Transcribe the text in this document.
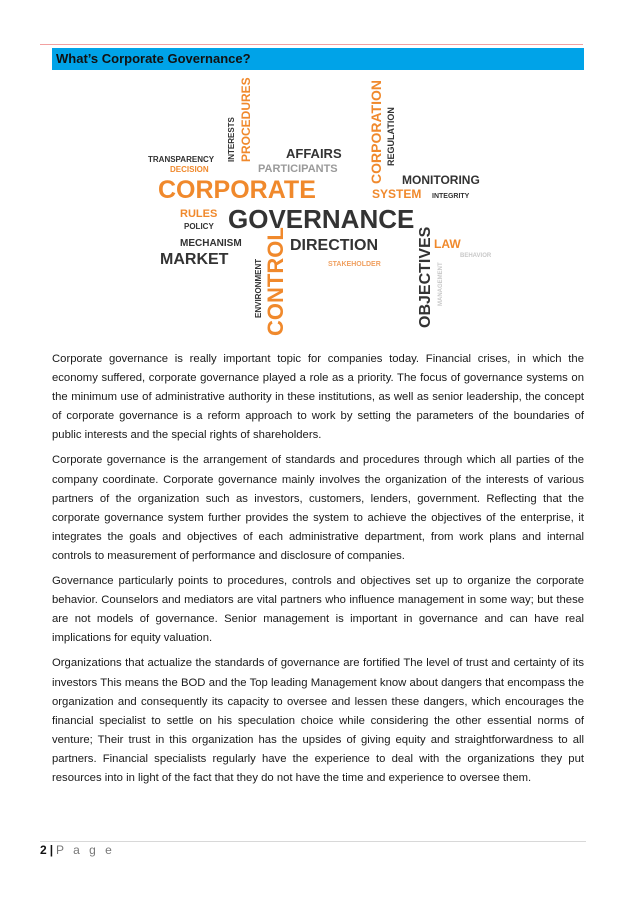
What’s Corporate Governance?
PROCEDURES
INTERESTS	CORPORATION REGULATION
ENVIRONMENT CONTROL	OBJECTIVES MANAGEMENT
TRANSPARENCY
DECISION
AFFAIRS
PARTICIPANTS
MONITORING
CORPORATE	SYSTEM INTEGRITY
RULES
POLICY GOVERNANCE
MECHANISM	DIRECTION	LAW
BEHAVIOR
MARKET	STAKEHOLDER

Corporate governance is really important topic for companies today. Financial crises, in which the economy suffered, corporate governance played a role as a priority. The focus of governance systems on the minimum use of administrative authority in these institutions, as well as senior leadership, the concept of corporate governance is a reform approach to work by setting the parameters of the boundaries of public interests and the special rights of shareholders.

Corporate governance is the arrangement of standards and procedures through which all parties of the company coordinate. Corporate governance mainly involves the organization of the interests of various partners of the organization such as investors, customers, lenders, government. Reflecting that the corporate governance system further provides the system to achieve the objectives of the enterprise, it integrates the goals and objectives of each administrative department, from work plans and internal controls to measurement of performance and disclosure of companies.

Governance particularly points to procedures, controls and objectives set up to organize the corporate behavior. Counselors and mediators are vital partners who influence management in some way; but these are not models of governance. Senior management is important in governance and can have real implications for equity valuation.

Organizations that actualize the standards of governance are fortified The level of trust and certainty of its investors This means the BOD and the Top leading Management know about dangers that encompass the organization and consequently its capacity to oversee and lessen these dangers, which encourages the financial specialist to settle on his speculation choice while considering the other essential norms of venture; Their trust in this organization has the upsides of giving equity and straightforwardness to all partners. Financial specialists regularly have the experience to deal with the organizations they put resources into in light of the fact that they do not have the time and experience to oversee them.

2 | P a g e
